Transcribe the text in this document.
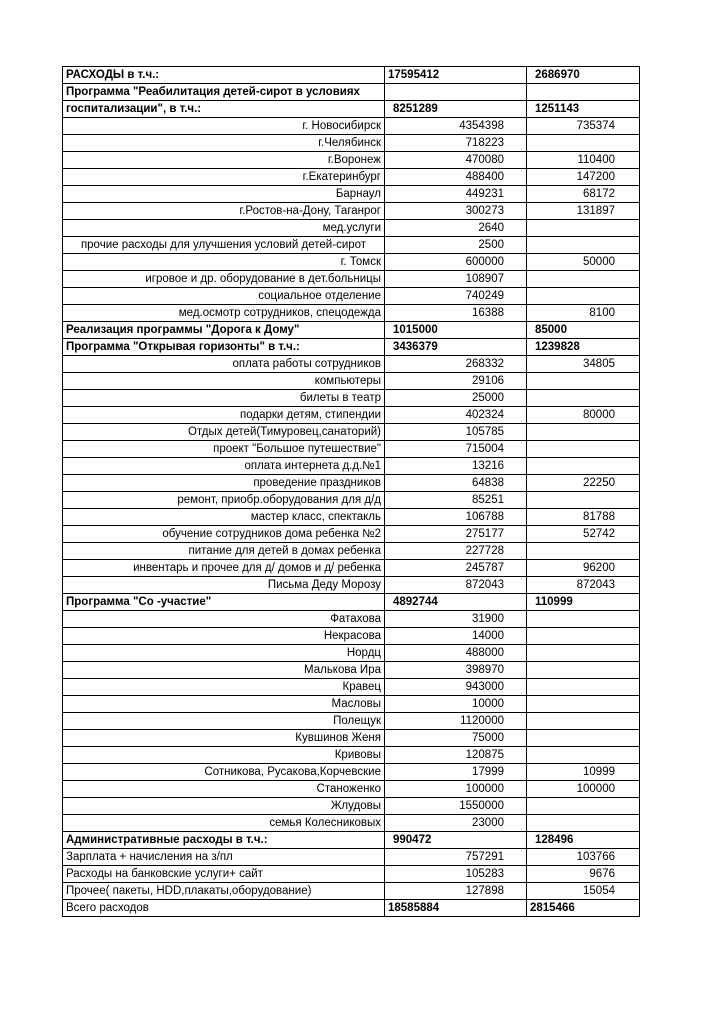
РАСХОДЫ в т.ч.:	17595412	2686970
Программа "Реабилитация детей-сирот в условиях		
госпитализации", в т.ч.:	8251289	1251143
г. Новосибирск	4354398	735374
г.Челябинск	718223	
г.Воронеж	470080	110400
г.Екатеринбург	488400	147200
Барнаул	449231	68172
г.Ростов-на-Дону, Таганрог	300273	131897
мед.услуги	2640	
прочие расходы для улучшения условий детей-сирот	2500	
г. Томск	600000	50000
игровое и др. оборудование в дет.больницы	108907	
социальное отделение	740249	
мед.осмотр сотрудников, спецодежда	16388	8100
Реализация программы "Дорога к Дому"	1015000	85000
Программа "Открывая горизонты" в т.ч.:	3436379	1239828
оплата работы сотрудников	268332	34805
компьютеры	29106	
билеты в театр	25000	
подарки детям, стипендии	402324	80000
Отдых детей(Тимуровец,санаторий)	105785	
проект "Большое путешествие"	715004	
оплата интернета д.д.№1	13216	
проведение праздников	64838	22250
ремонт, приобр.оборудования для д/д	85251	
мастер класс, спектакль	106788	81788
обучение сотрудников дома ребенка №2	275177	52742
питание для детей в домах ребенка	227728	
инвентарь и прочее для д/ домов и д/ ребенка	245787	96200
Письма Деду Морозу	872043	872043
Программа "Со -участие"	4892744	110999
Фатахова	31900	
Некрасова	14000	
Нордц	488000	
Малькова Ира	398970	
Кравец	943000	
Масловы	10000	
Полещук	1120000	
Кувшинов Женя	75000	
Кривовы	120875	
Сотникова, Русакова,Корчевские	17999	10999
Станоженко	100000	100000
Жлудовы	1550000	
семья Колесниковых	23000	
Административные расходы в т.ч.:	990472	128496
Зарплата + начисления на з/пл	757291	103766
Расходы на банковские услуги+ сайт	105283	9676
Прочее( пакеты, HDD,плакаты,оборудование)	127898	15054
Всего расходов	18585884	2815466
